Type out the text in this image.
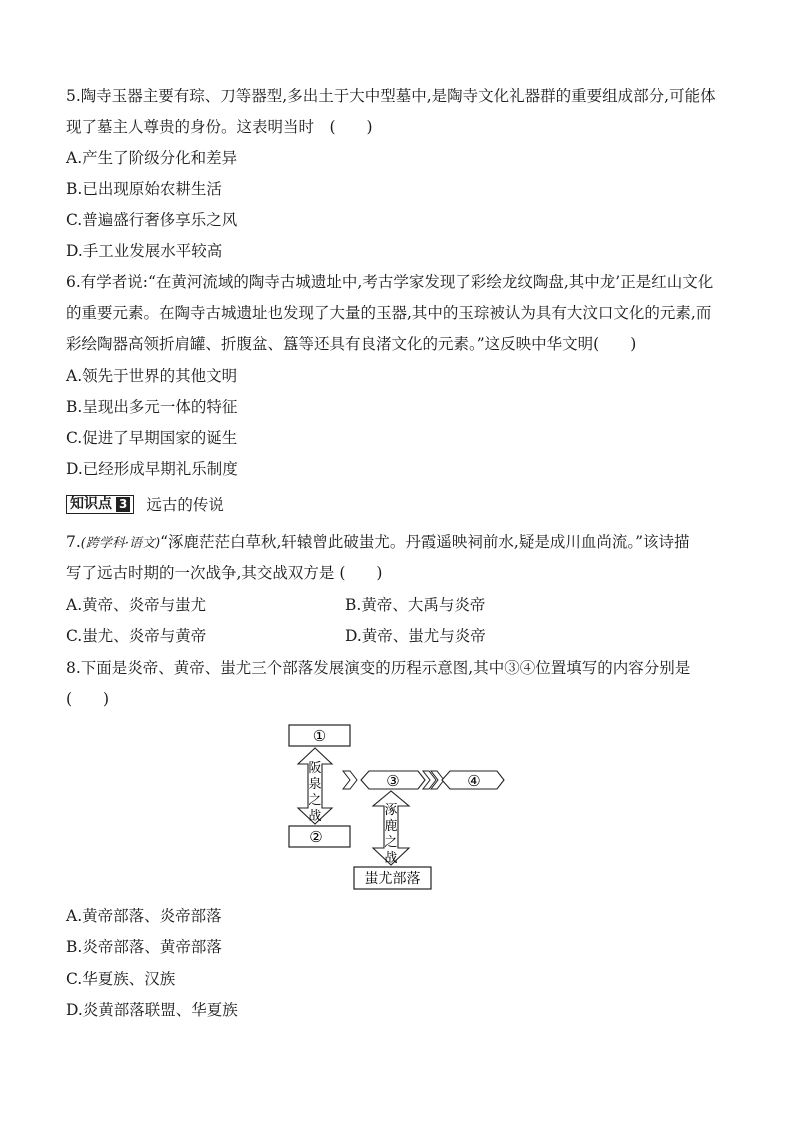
5.陶寺玉器主要有琮、刀等器型,多出土于大中型墓中,是陶寺文化礼器群的重要组成部分,可能体
现了墓主人尊贵的身份。这表明当时　(　　)
A.产生了阶级分化和差异
B.已出现原始农耕生活
C.普遍盛行奢侈享乐之风
D.手工业发展水平较高
6.有学者说:“在黄河流域的陶寺古城遗址中,考古学家发现了彩绘龙纹陶盘,其中龙’正是红山文化
的重要元素。在陶寺古城遗址也发现了大量的玉器,其中的玉琮被认为具有大汶口文化的元素,而
彩绘陶器高领折肩罐、折腹盆、簋等还具有良渚文化的元素。”这反映中华文明(　　)
A.领先于世界的其他文明
B.呈现出多元一体的特征
C.促进了早期国家的诞生
D.已经形成早期礼乐制度
知识点 3 远古的传说
7.(跨学科·语文)“涿鹿茫茫白草秋,轩辕曾此破蚩尤。丹霞遥映祠前水,疑是成川血尚流。”该诗描
写了远古时期的一次战争,其交战双方是 (　　)
A.黄帝、炎帝与蚩尤	B.黄帝、大禹与炎帝
C.蚩尤、炎帝与黄帝	D.黄帝、蚩尤与炎帝
8.下面是炎帝、黄帝、蚩尤三个部落发展演变的历程示意图,其中③④位置填写的内容分别是
(　　)
①
②
阪
泉
之
战
③	④
涿
鹿
之
战
蚩尤部落
A.黄帝部落、炎帝部落
B.炎帝部落、黄帝部落
C.华夏族、汉族
D.炎黄部落联盟、华夏族
